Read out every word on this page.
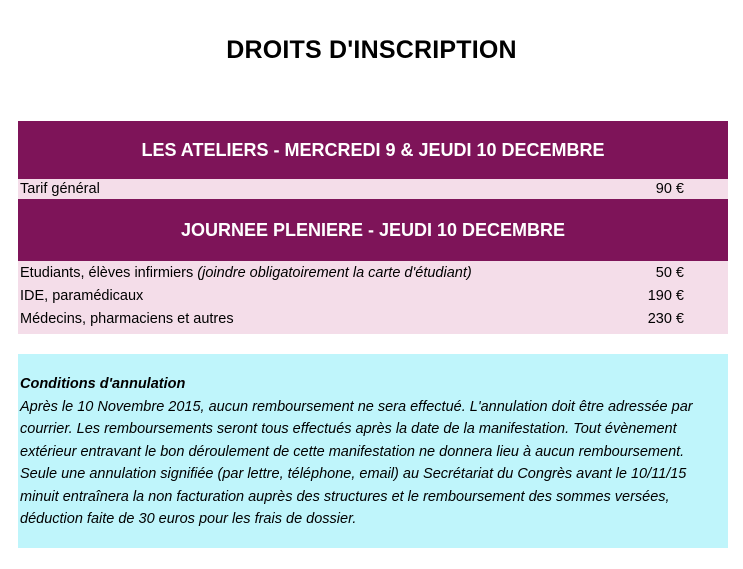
DROITS D'INSCRIPTION
LES ATELIERS - MERCREDI 9 & JEUDI 10 DECEMBRE
Tarif général	90 €
JOURNEE PLENIERE - JEUDI 10 DECEMBRE
Etudiants, élèves infirmiers (joindre obligatoirement la carte d'étudiant)	50 €
IDE, paramédicaux	190 €
Médecins, pharmaciens et autres	230 €
Conditions d'annulation
Après le 10 Novembre 2015, aucun remboursement ne sera effectué. L'annulation doit être adressée par courrier. Les remboursements seront tous effectués après la date de la manifestation. Tout évènement extérieur entravant le bon déroulement de cette manifestation ne donnera lieu à aucun remboursement. Seule une annulation signifiée (par lettre, téléphone, email) au Secrétariat du Congrès avant le 10/11/15 minuit entraînera la non facturation auprès des structures et le remboursement des sommes versées, déduction faite de 30 euros pour les frais de dossier.
